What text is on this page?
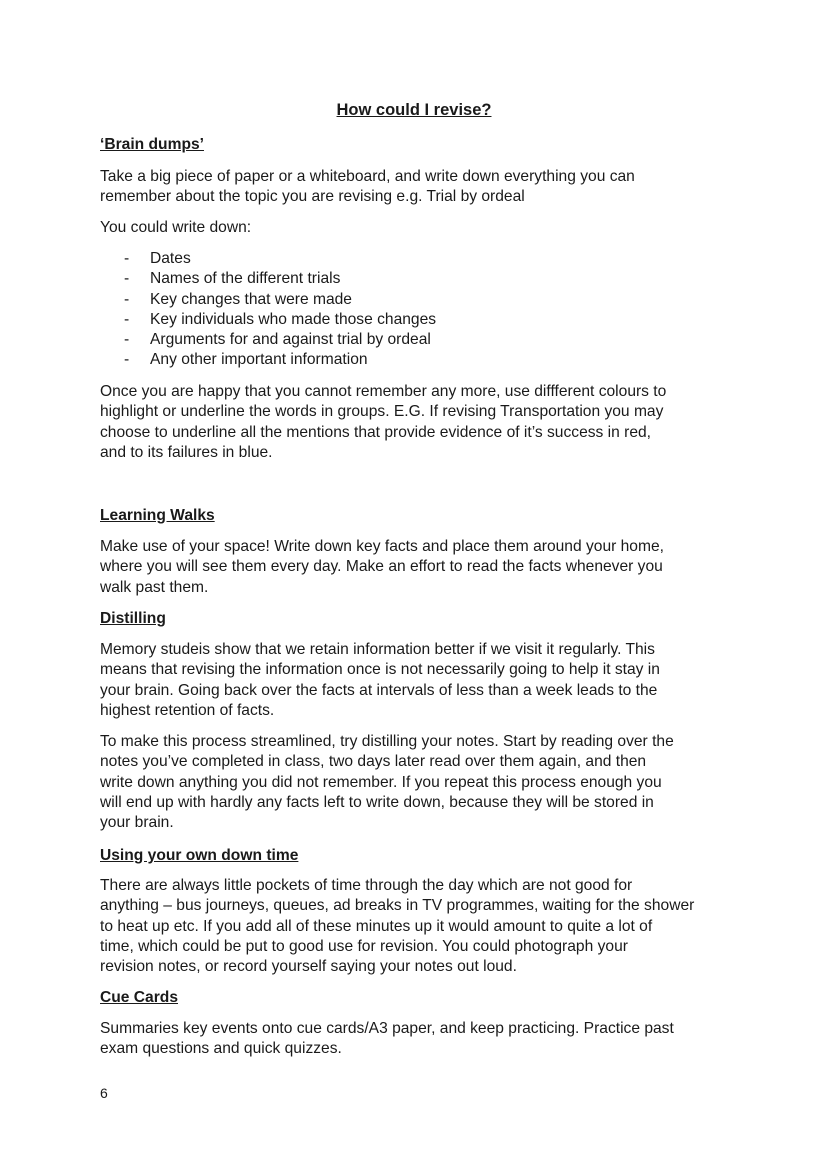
How could I revise?
‘Brain dumps’
Take a big piece of paper or a whiteboard, and write down everything you can
remember about the topic you are revising e.g. Trial by ordeal
You could write down:
- Dates
- Names of the different trials
- Key changes that were made
- Key individuals who made those changes
- Arguments for and against trial by ordeal
- Any other important information
Once you are happy that you cannot remember any more, use diffferent colours to
highlight or underline the words in groups. E.G. If revising Transportation you may
choose to underline all the mentions that provide evidence of it’s success in red,
and to its failures in blue.
Learning Walks
Make use of your space! Write down key facts and place them around your home,
where you will see them every day. Make an effort to read the facts whenever you
walk past them.
Distilling
Memory studeis show that we retain information better if we visit it regularly. This
means that revising the information once is not necessarily going to help it stay in
your brain. Going back over the facts at intervals of less than a week leads to the
highest retention of facts.
To make this process streamlined, try distilling your notes. Start by reading over the
notes you’ve completed in class, two days later read over them again, and then
write down anything you did not remember. If you repeat this process enough you
will end up with hardly any facts left to write down, because they will be stored in
your brain.
Using your own down time
There are always little pockets of time through the day which are not good for
anything – bus journeys, queues, ad breaks in TV programmes, waiting for the shower
to heat up etc. If you add all of these minutes up it would amount to quite a lot of
time, which could be put to good use for revision. You could photograph your
revision notes, or record yourself saying your notes out loud.
Cue Cards
Summaries key events onto cue cards/A3 paper, and keep practicing. Practice past
exam questions and quick quizzes.
6
